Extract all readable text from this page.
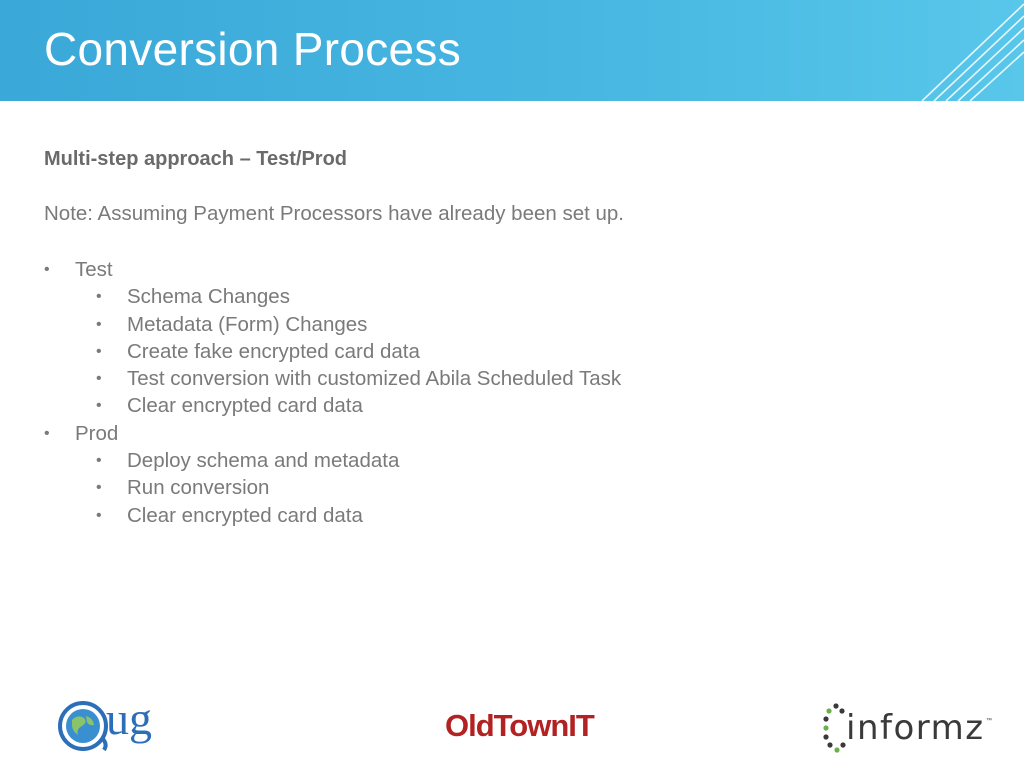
Conversion Process

Multi-step approach – Test/Prod

Note: Assuming Payment Processors have already been set up.

• Test
• Schema Changes
• Metadata (Form) Changes
• Create fake encrypted card data
• Test conversion with customized Abila Scheduled Task
• Clear encrypted card data
• Prod
• Deploy schema and metadata
• Run conversion
• Clear encrypted card data
ug	OldTownIT	informz ™
